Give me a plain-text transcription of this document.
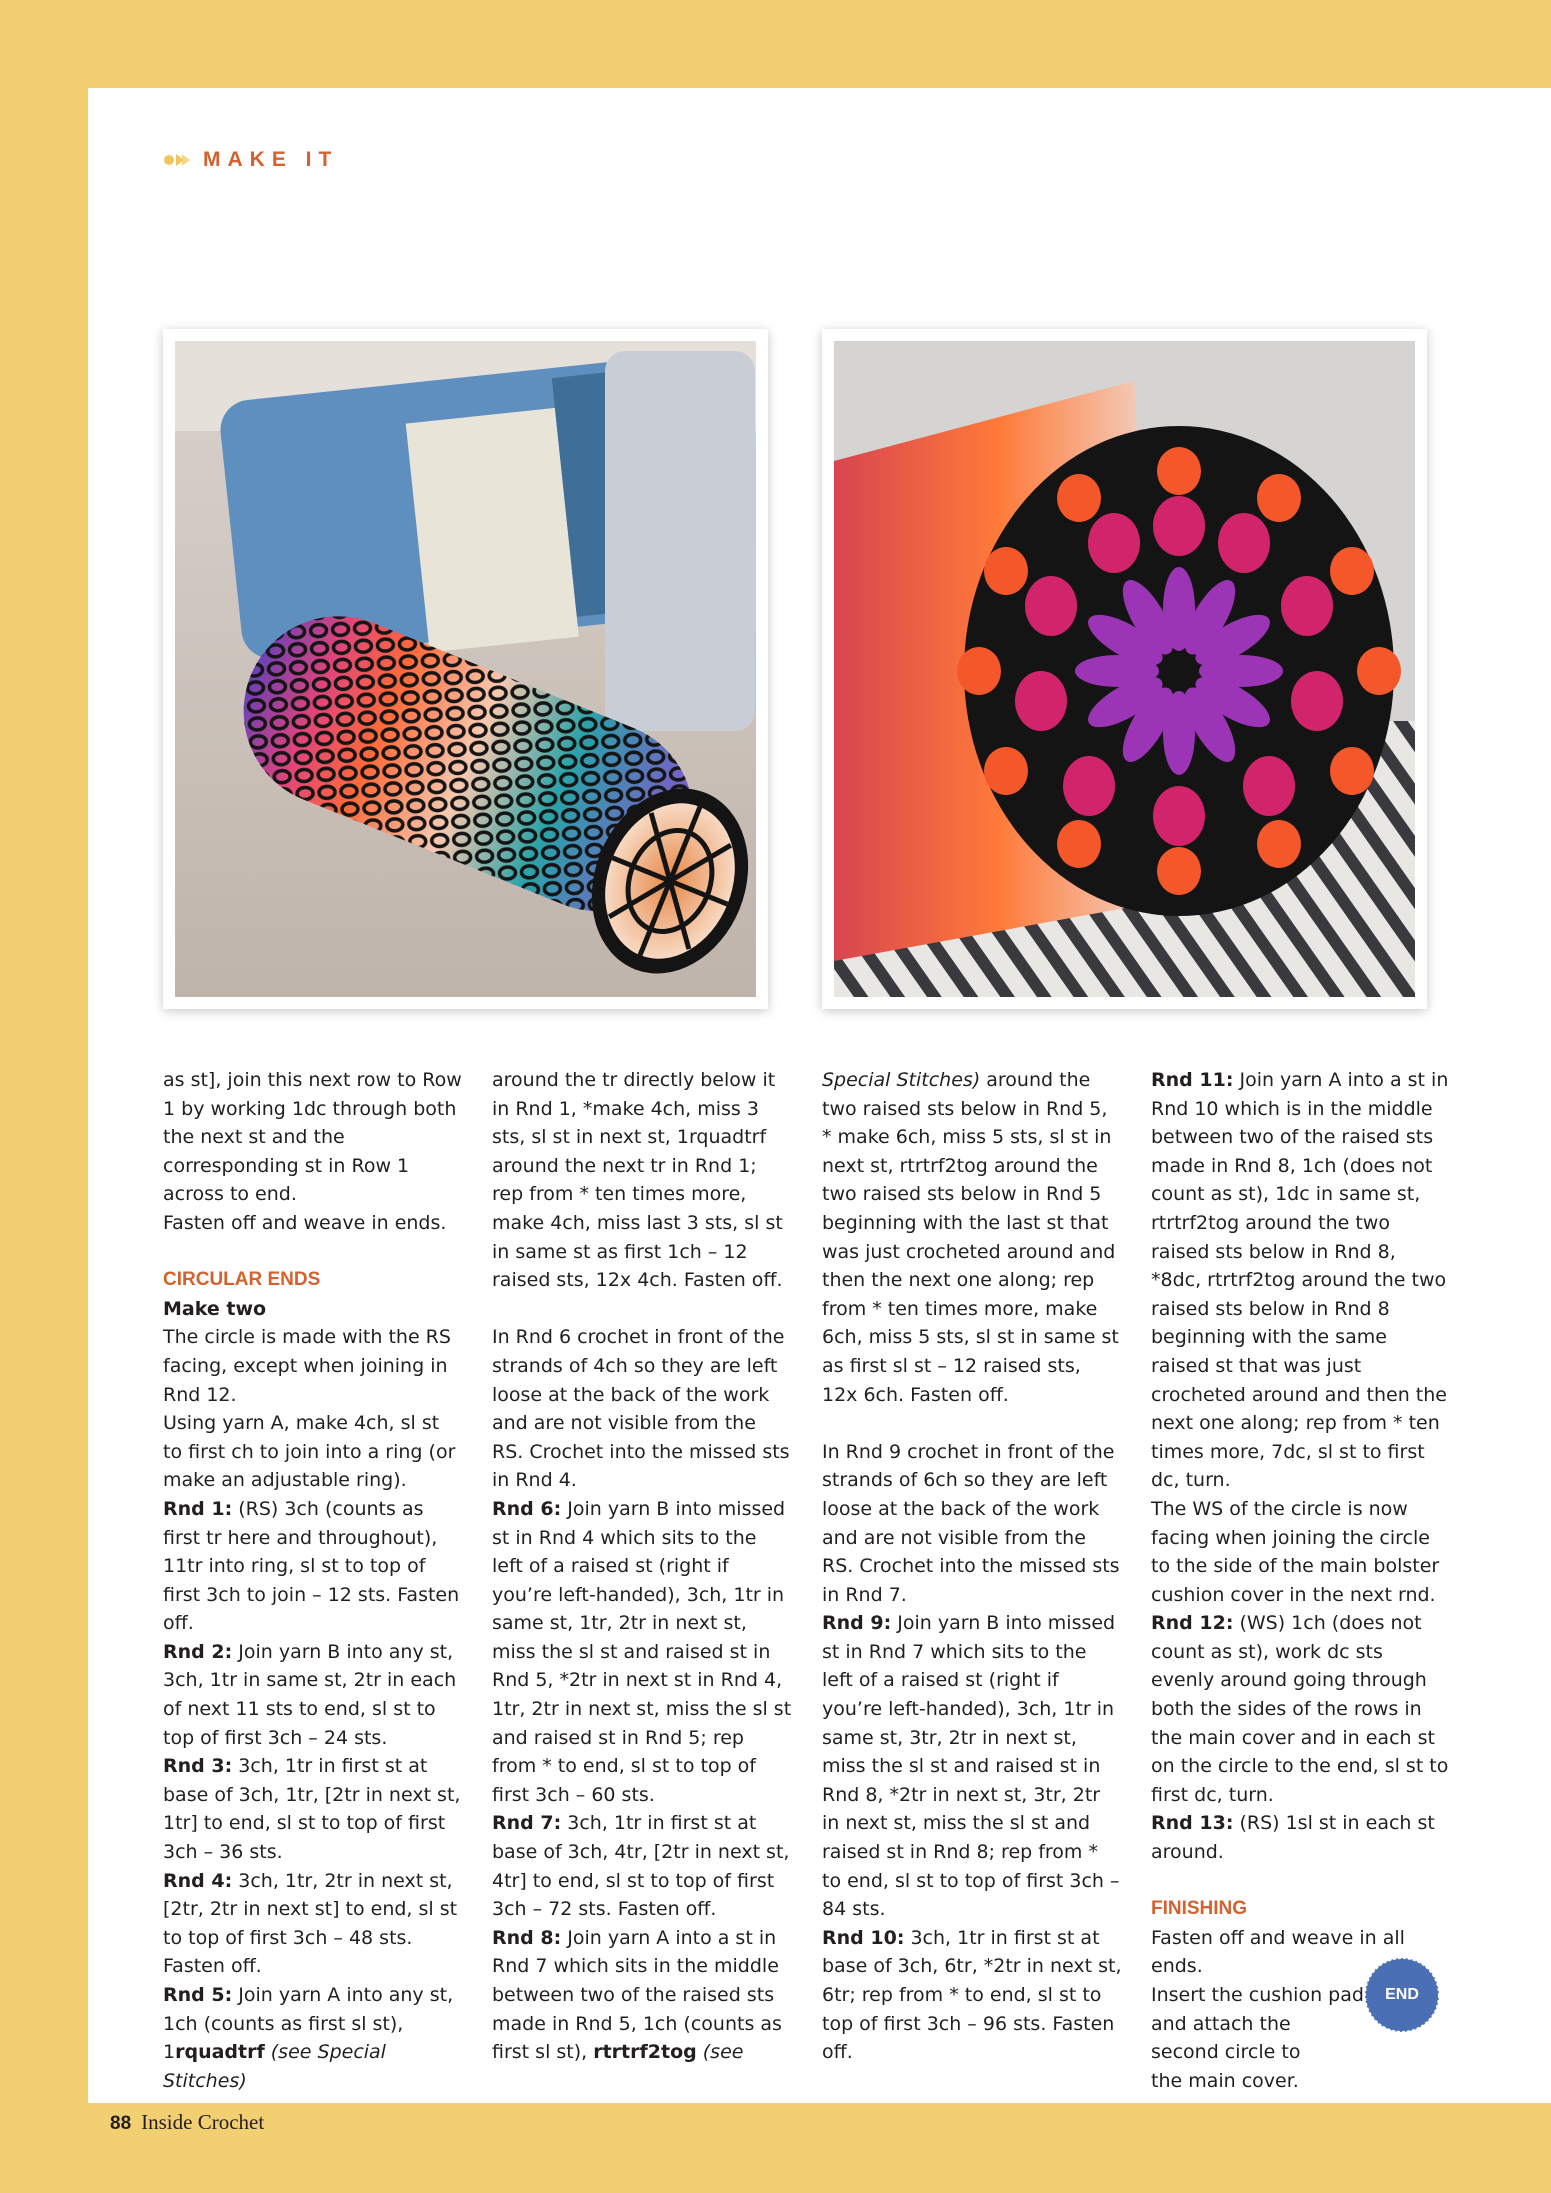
MAKE IT

as st], join this next row to Row 1 by working 1dc through both the next st and the corresponding st in Row 1 across to end.

Fasten off and weave in ends.

CIRCULAR ENDS

Make two

The circle is made with the RS facing, except when joining in Rnd 12.

Using yarn A, make 4ch, sl st to first ch to join into a ring (or make an adjustable ring).

Rnd 1: (RS) 3ch (counts as first tr here and throughout), 11tr into ring, sl st to top of first 3ch to join – 12 sts. Fasten off.

Rnd 2: Join yarn B into any st, 3ch, 1tr in same st, 2tr in each of next 11 sts to end, sl st to top of first 3ch – 24 sts.

Rnd 3: 3ch, 1tr in first st at base of 3ch, 1tr, [2tr in next st, 1tr] to end, sl st to top of first 3ch – 36 sts.

Rnd 4: 3ch, 1tr, 2tr in next st, [2tr, 2tr in next st] to end, sl st to top of first 3ch – 48 sts. Fasten off.

Rnd 5: Join yarn A into any st, 1ch (counts as first sl st), 1rquadtrf (see Special Stitches)

around the tr directly below it in Rnd 1, *make 4ch, miss 3 sts, sl st in next st, 1rquadtrf around the next tr in Rnd 1; rep from * ten times more, make 4ch, miss last 3 sts, sl st in same st as first 1ch – 12 raised sts, 12x 4ch. Fasten off.

In Rnd 6 crochet in front of the strands of 4ch so they are left loose at the back of the work and are not visible from the RS. Crochet into the missed sts in Rnd 4.

Rnd 6: Join yarn B into missed st in Rnd 4 which sits to the left of a raised st (right if you’re left-handed), 3ch, 1tr in same st, 1tr, 2tr in next st, miss the sl st and raised st in Rnd 5, *2tr in next st in Rnd 4, 1tr, 2tr in next st, miss the sl st and raised st in Rnd 5; rep from * to end, sl st to top of first 3ch – 60 sts.

Rnd 7: 3ch, 1tr in first st at base of 3ch, 4tr, [2tr in next st, 4tr] to end, sl st to top of first 3ch – 72 sts. Fasten off.

Rnd 8: Join yarn A into a st in Rnd 7 which sits in the middle between two of the raised sts made in Rnd 5, 1ch (counts as first sl st), rtrtrf2tog (see

Special Stitches) around the two raised sts below in Rnd 5, * make 6ch, miss 5 sts, sl st in next st, rtrtrf2tog around the two raised sts below in Rnd 5 beginning with the last st that was just crocheted around and then the next one along; rep from * ten times more, make 6ch, miss 5 sts, sl st in same st as first sl st – 12 raised sts, 12x 6ch. Fasten off.

In Rnd 9 crochet in front of the strands of 6ch so they are left loose at the back of the work and are not visible from the RS. Crochet into the missed sts in Rnd 7.

Rnd 9: Join yarn B into missed st in Rnd 7 which sits to the left of a raised st (right if you’re left-handed), 3ch, 1tr in same st, 3tr, 2tr in next st, miss the sl st and raised st in Rnd 8, *2tr in next st, 3tr, 2tr in next st, miss the sl st and raised st in Rnd 8; rep from * to end, sl st to top of first 3ch – 84 sts.

Rnd 10: 3ch, 1tr in first st at base of 3ch, 6tr, *2tr in next st, 6tr; rep from * to end, sl st to top of first 3ch – 96 sts. Fasten off.

Rnd 11: Join yarn A into a st in Rnd 10 which is in the middle between two of the raised sts made in Rnd 8, 1ch (does not count as st), 1dc in same st, rtrtrf2tog around the two raised sts below in Rnd 8, *8dc, rtrtrf2tog around the two raised sts below in Rnd 8 beginning with the same raised st that was just crocheted around and then the next one along; rep from * ten times more, 7dc, sl st to first dc, turn.

The WS of the circle is now facing when joining the circle to the side of the main bolster cushion cover in the next rnd.

Rnd 12: (WS) 1ch (does not count as st), work dc sts evenly around going through both the sides of the rows in the main cover and in each st on the circle to the end, sl st to first dc, turn.

Rnd 13: (RS) 1sl st in each st around.

FINISHING

Fasten off and weave in all ends.

Insert the cushion pad

and attach the

second circle to

the main cover.

END
88 Inside Crochet
